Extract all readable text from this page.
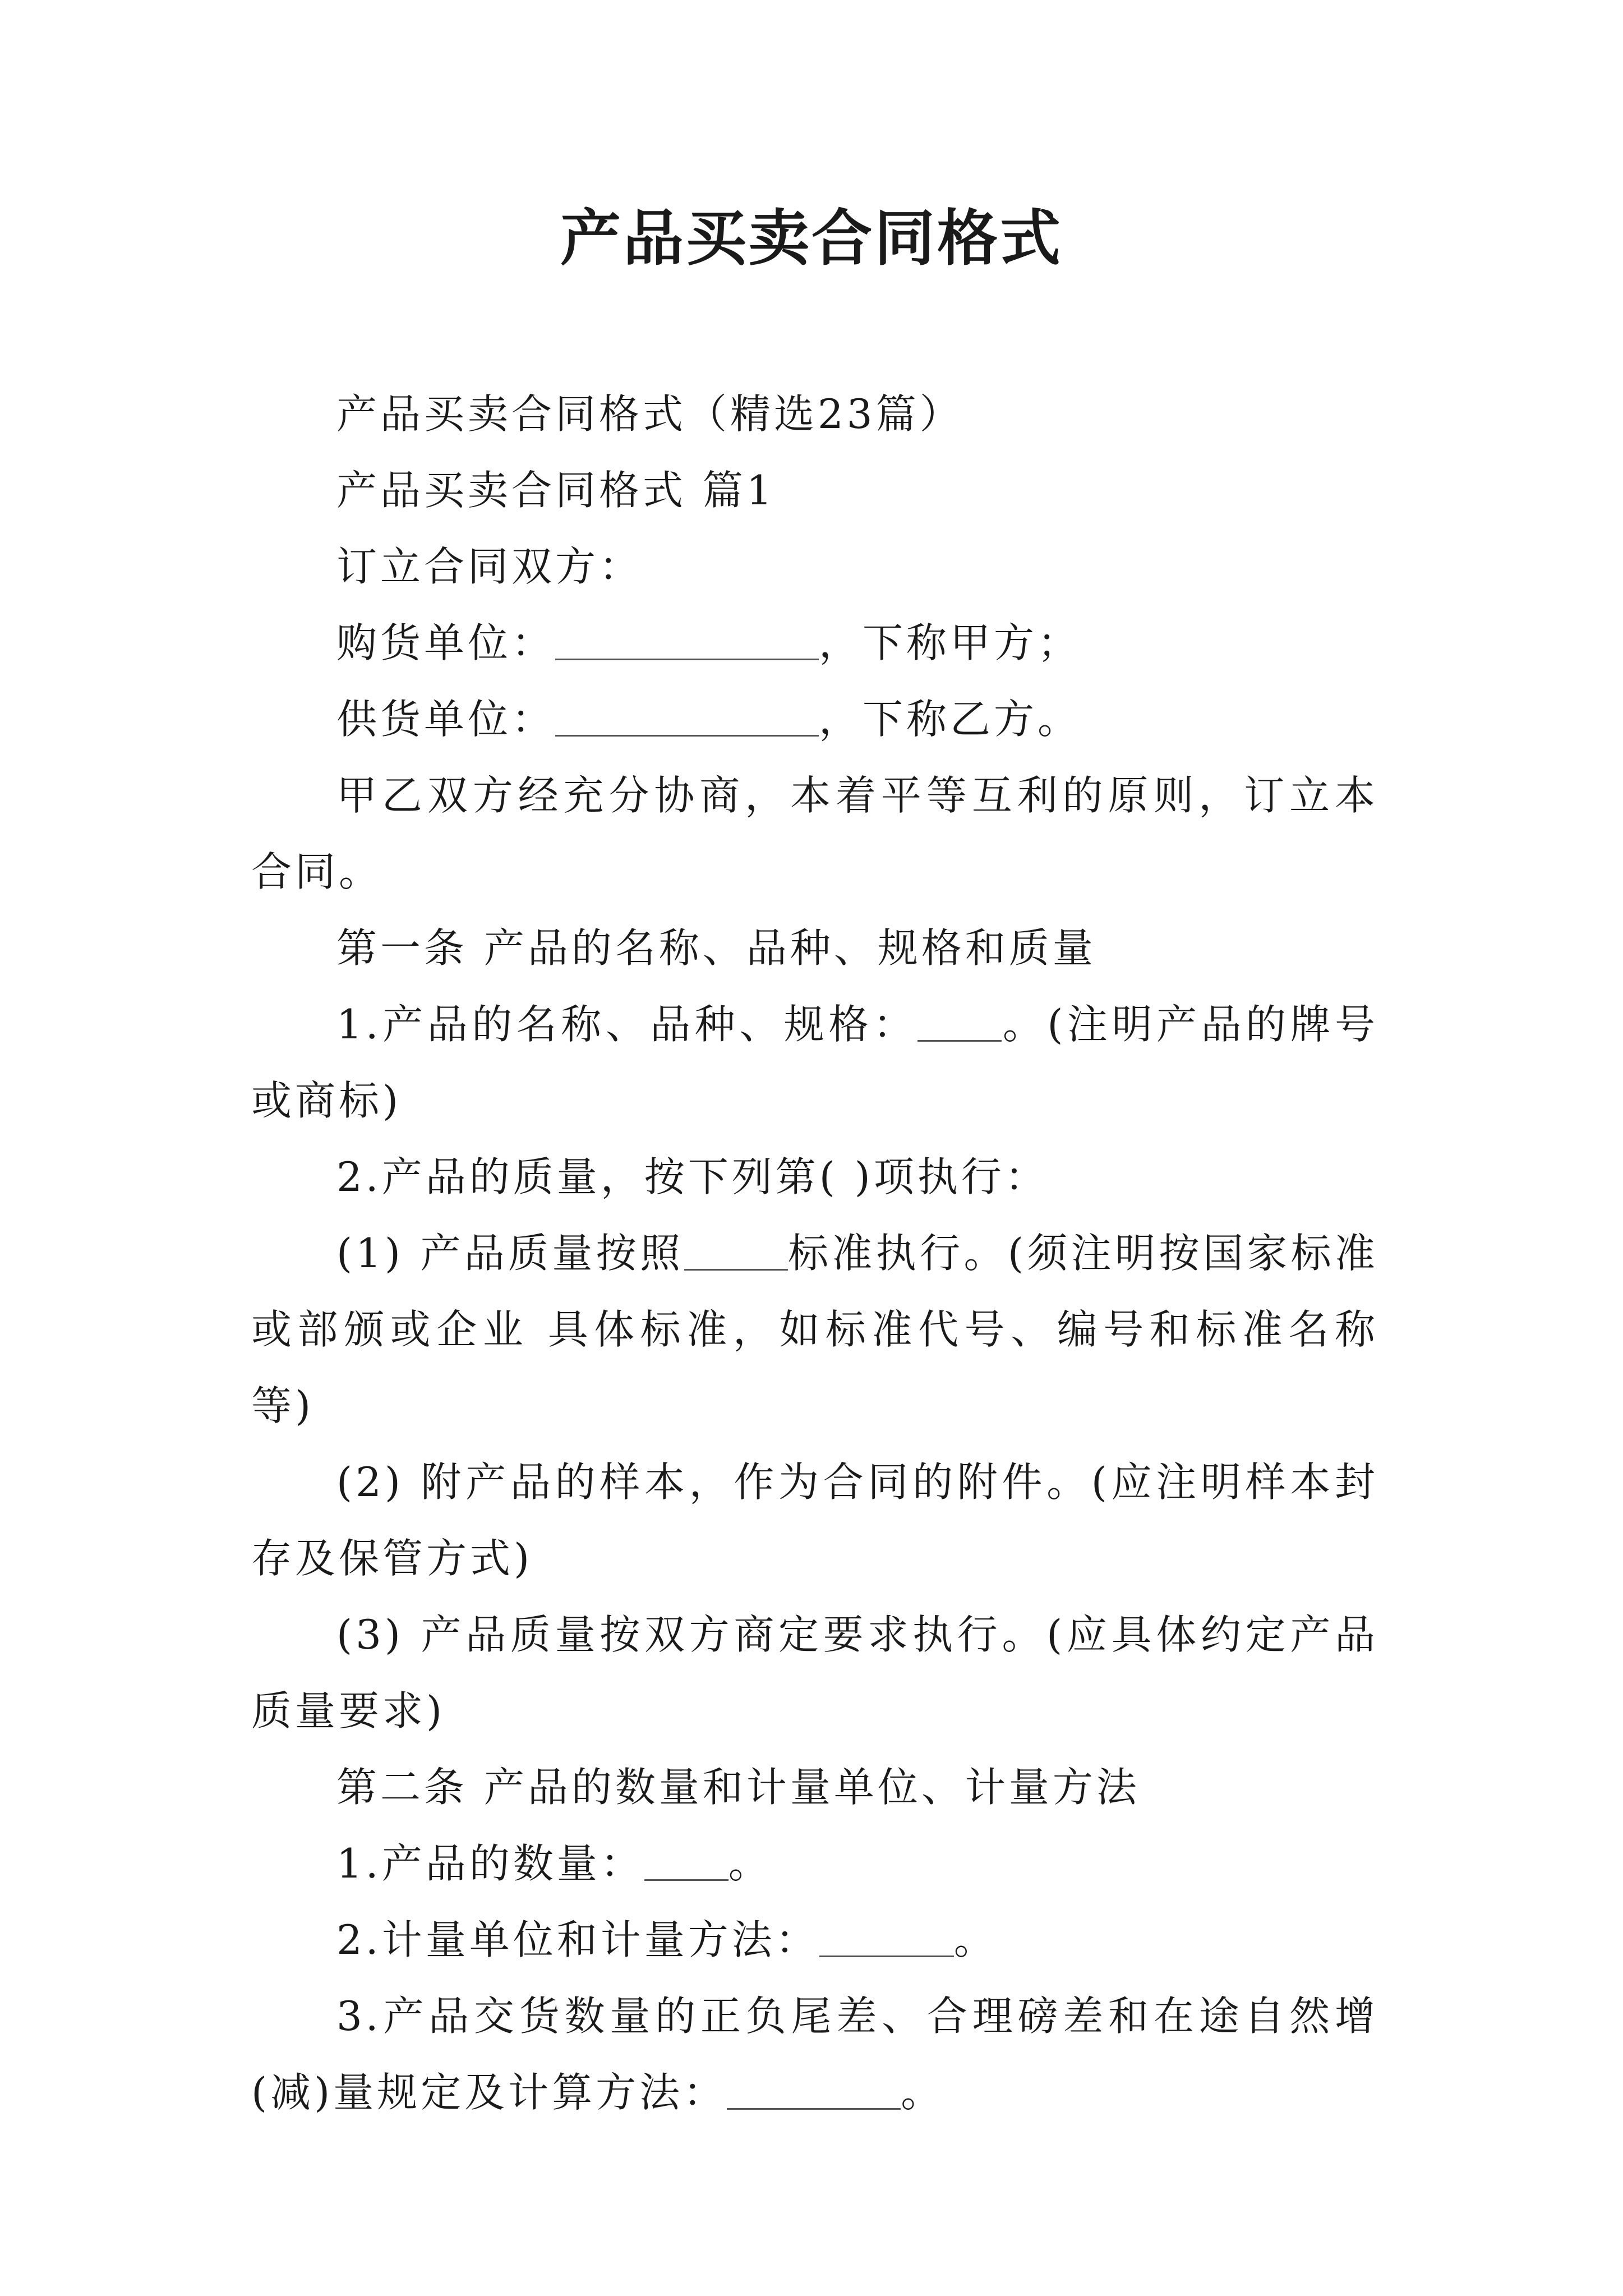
产品买卖合同格式

产品买卖合同格式（精选23篇）

产品买卖合同格式 篇1

订立合同双方：

购货单位：	，下称甲方；

供货单位：	，下称乙方。

甲乙双方经充分协商，本着平等互利的原则，订立本合同。

第一条 产品的名称、品种、规格和质量

1.产品的名称、品种、规格： 。(注明产品的牌号或商标)

2.产品的质量，按下列第( )项执行：

(1) 产品质量按照	标准执行。(须注明按国家标准或部颁或企业 具体标准，如标准代号、编号和标准名称等)

(2) 附产品的样本，作为合同的附件。(应注明样本封存及保管方式)

(3) 产品质量按双方商定要求执行。(应具体约定产品质量要求)

第二条 产品的数量和计量单位、计量方法

1.产品的数量： 。

2.计量单位和计量方法：	。

3.产品交货数量的正负尾差、合理磅差和在途自然增(减)量规定及计算方法：	。
